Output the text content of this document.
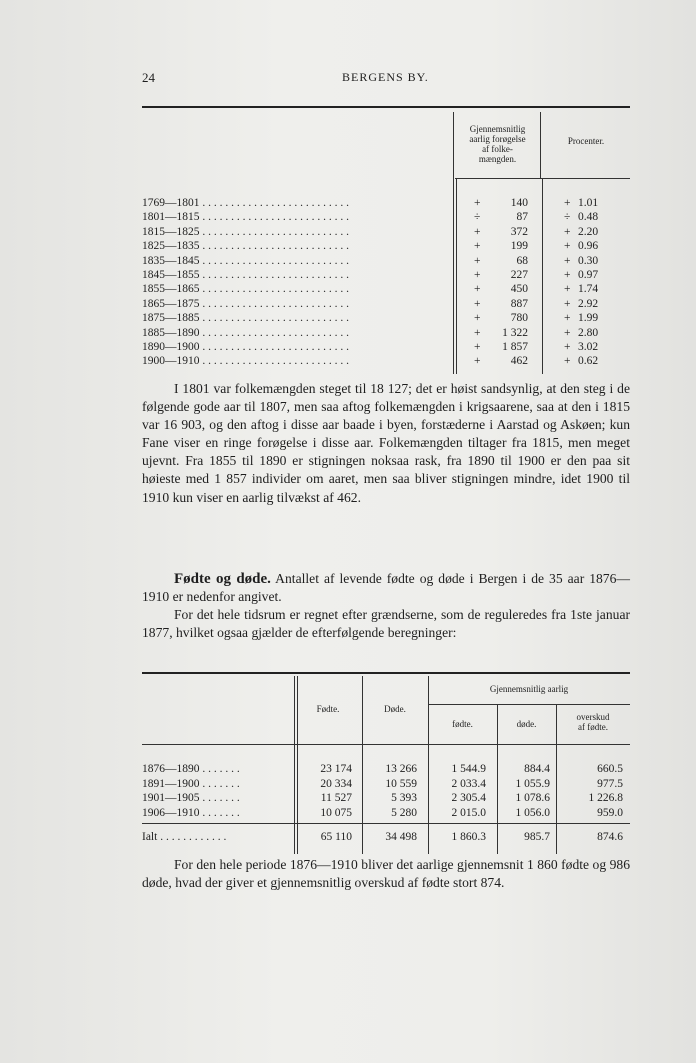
24	BERGENS BY.
Gjennemsnitlig
aarlig forøgelse
af folke-
mængden.
Procenter.
1769—1801 . . . . . . . . . . . . . . . . . . . . . . . . . .	+	140	+ 1.01
1801—1815 . . . . . . . . . . . . . . . . . . . . . . . . . .	÷	87	÷ 0.48
1815—1825 . . . . . . . . . . . . . . . . . . . . . . . . . .	+	372	+ 2.20
1825—1835 . . . . . . . . . . . . . . . . . . . . . . . . . .	+	199	+ 0.96
1835—1845 . . . . . . . . . . . . . . . . . . . . . . . . . .	+	68	+ 0.30
1845—1855 . . . . . . . . . . . . . . . . . . . . . . . . . .	+	227	+ 0.97
1855—1865 . . . . . . . . . . . . . . . . . . . . . . . . . .	+	450	+ 1.74
1865—1875 . . . . . . . . . . . . . . . . . . . . . . . . . .	+	887	+ 2.92
1875—1885 . . . . . . . . . . . . . . . . . . . . . . . . . .	+	780	+ 1.99
1885—1890 . . . . . . . . . . . . . . . . . . . . . . . . . .	+	1 322	+ 2.80
1890—1900 . . . . . . . . . . . . . . . . . . . . . . . . . .	+	1 857	+ 3.02
1900—1910 . . . . . . . . . . . . . . . . . . . . . . . . . .	+	462	+ 0.62
I 1801 var folkemængden steget til 18 127; det er høist sandsynlig, at den steg i de følgende gode aar til 1807, men saa aftog folkemængden i krigsaarene, saa at den i 1815 var 16 903, og den aftog i disse aar baade i byen, forstæderne i Aarstad og Askøen; kun Fane viser en ringe forøgelse i disse aar. Folkemængden tiltager fra 1815, men meget ujevnt. Fra 1855 til 1890 er stigningen noksaa rask, fra 1890 til 1900 er den paa sit høieste med 1 857 individer om aaret, men saa bliver stigningen mindre, idet 1900 til 1910 kun viser en aarlig tilvækst af 462.
Fødte og døde. Antallet af levende fødte og døde i Bergen i de 35 aar 1876—1910 er nedenfor angivet.
For det hele tidsrum er regnet efter grændserne, som de reguleredes fra 1ste januar 1877, hvilket ogsaa gjælder de efterfølgende beregninger:
Fødte.	Døde.
Gjennemsnitlig aarlig
fødte.	døde.
overskud
af fødte.
1876—1890 . . . . . . .	23 174	13 266	1 544.9	884.4	660.5
1891—1900 . . . . . . .	20 334	10 559	2 033.4	1 055.9	977.5
1901—1905 . . . . . . .	11 527	5 393	2 305.4	1 078.6	1 226.8
1906—1910 . . . . . . .	10 075	5 280	2 015.0	1 056.0	959.0
Ialt . . . . . . . . . . . .	65 110	34 498	1 860.3	985.7	874.6
For den hele periode 1876—1910 bliver det aarlige gjennemsnit 1 860 fødte og 986 døde, hvad der giver et gjennemsnitlig overskud af fødte stort 874.
